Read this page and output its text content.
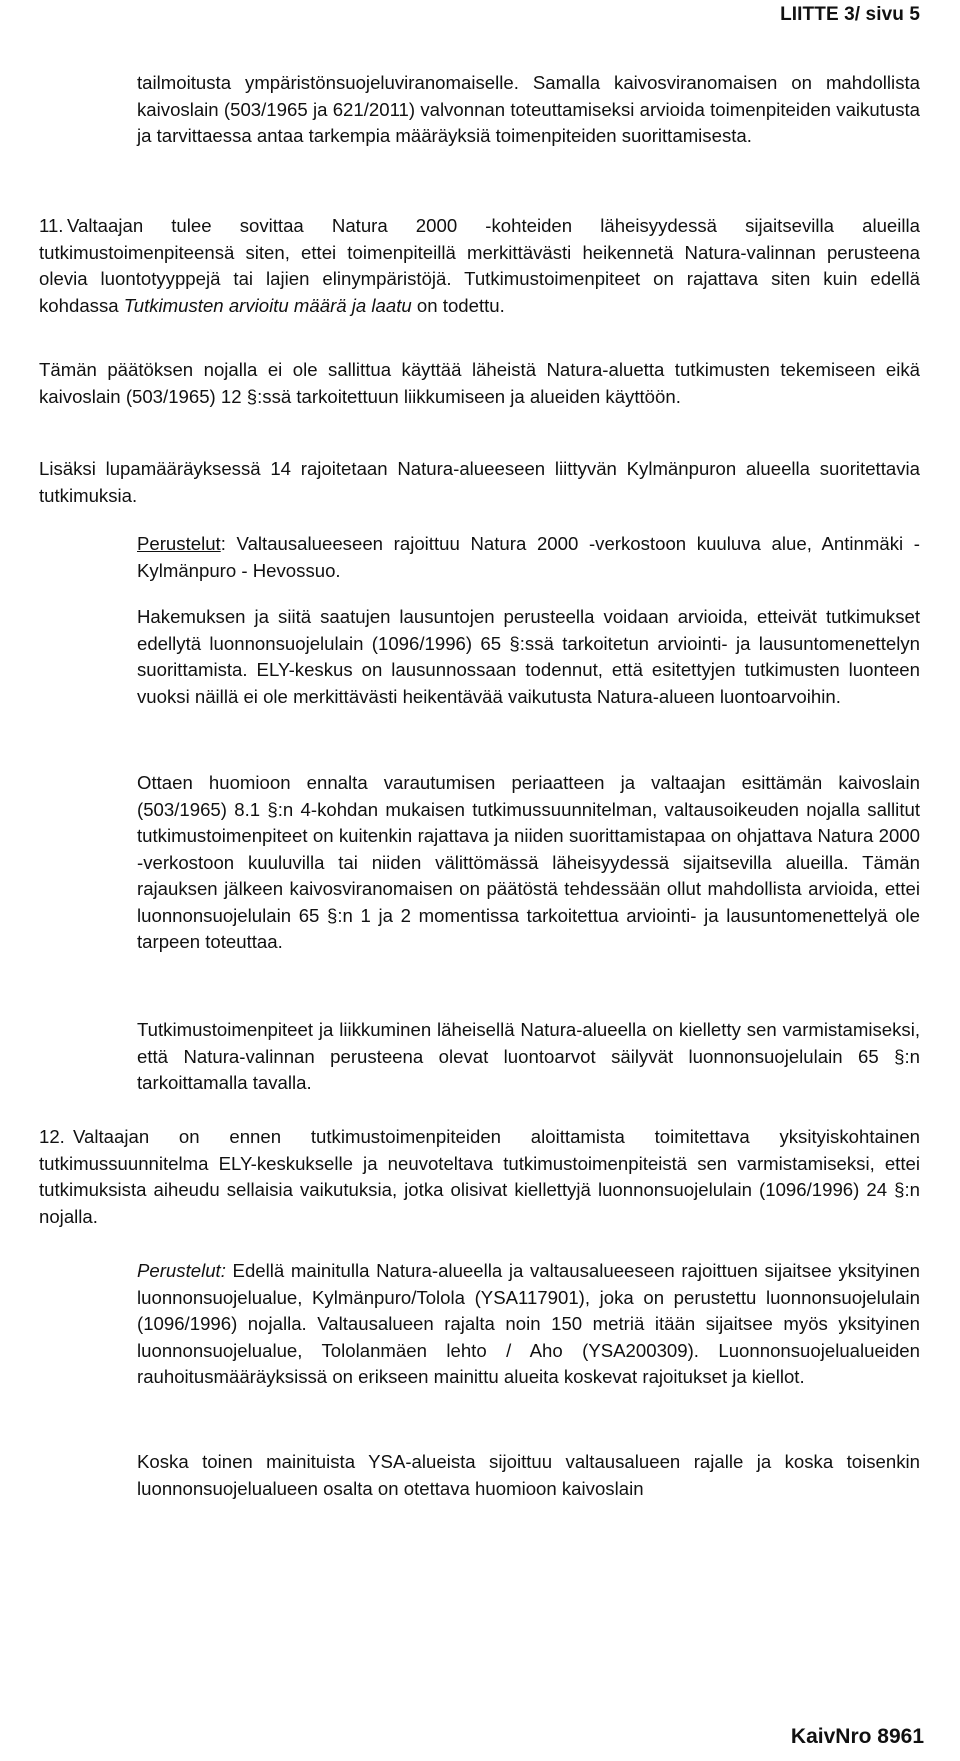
LIITTE 3/ sivu 5

tailmoitusta ympäristönsuojeluviranomaiselle. Samalla kaivosviranomaisen on mahdollista kaivoslain (503/1965 ja 621/2011) valvonnan toteuttamiseksi arvioida toimenpiteiden vaikutusta ja tarvittaessa antaa tarkempia määräyksiä toimenpiteiden suorittamisesta.

11. Valtaajan tulee sovittaa Natura 2000 -kohteiden läheisyydessä sijaitsevilla alueilla tutkimustoimenpiteensä siten, ettei toimenpiteillä merkittävästi heikennetä Natura-valinnan perusteena olevia luontotyyppejä tai lajien elinympäristöjä. Tutkimustoimenpiteet on rajattava siten kuin edellä kohdassa Tutkimusten arvioitu määrä ja laatu on todettu.

Tämän päätöksen nojalla ei ole sallittua käyttää läheistä Natura-aluetta tutkimusten tekemiseen eikä kaivoslain (503/1965) 12 §:ssä tarkoitettuun liikkumiseen ja alueiden käyttöön.

Lisäksi lupamääräyksessä 14 rajoitetaan Natura-alueeseen liittyvän Kylmänpuron alueella suoritettavia tutkimuksia.

Perustelut: Valtausalueeseen rajoittuu Natura 2000 -verkostoon kuuluva alue, Antinmäki - Kylmänpuro - Hevossuo.

Hakemuksen ja siitä saatujen lausuntojen perusteella voidaan arvioida, etteivät tutkimukset edellytä luonnonsuojelulain (1096/1996) 65 §:ssä tarkoitetun arviointi- ja lausuntomenettelyn suorittamista. ELY-keskus on lausunnossaan todennut, että esitettyjen tutkimusten luonteen vuoksi näillä ei ole merkittävästi heikentävää vaikutusta Natura-alueen luontoarvoihin.

Ottaen huomioon ennalta varautumisen periaatteen ja valtaajan esittämän kaivoslain (503/1965) 8.1 §:n 4-kohdan mukaisen tutkimussuunnitelman, valtausoikeuden nojalla sallitut tutkimustoimenpiteet on kuitenkin rajattava ja niiden suorittamistapaa on ohjattava Natura 2000 -verkostoon kuuluvilla tai niiden välittömässä läheisyydessä sijaitsevilla alueilla. Tämän rajauksen jälkeen kaivosviranomaisen on päätöstä tehdessään ollut mahdollista arvioida, ettei luonnonsuojelulain 65 §:n 1 ja 2 momentissa tarkoitettua arviointi- ja lausuntomenettelyä ole tarpeen toteuttaa.

Tutkimustoimenpiteet ja liikkuminen läheisellä Natura-alueella on kielletty sen varmistamiseksi, että Natura-valinnan perusteena olevat luontoarvot säilyvät luonnonsuojelulain 65 §:n tarkoittamalla tavalla.

12. Valtaajan on ennen tutkimustoimenpiteiden aloittamista toimitettava yksityiskohtainen tutkimussuunnitelma ELY-keskukselle ja neuvoteltava tutkimustoimenpiteistä sen varmistamiseksi, ettei tutkimuksista aiheudu sellaisia vaikutuksia, jotka olisivat kiellettyjä luonnonsuojelulain (1096/1996) 24 §:n nojalla.

Perustelut: Edellä mainitulla Natura-alueella ja valtausalueeseen rajoittuen sijaitsee yksityinen luonnonsuojelualue, Kylmänpuro/Tolola (YSA117901), joka on perustettu luonnonsuojelulain (1096/1996) nojalla. Valtausalueen rajalta noin 150 metriä itään sijaitsee myös yksityinen luonnonsuojelualue, Tololanmäen lehto / Aho (YSA200309). Luonnonsuojelualueiden rauhoitusmääräyksissä on erikseen mainittu alueita koskevat rajoitukset ja kiellot.

Koska toinen mainituista YSA-alueista sijoittuu valtausalueen rajalle ja koska toisenkin luonnonsuojelualueen osalta on otettava huomioon kaivoslain

KaivNro 8961
